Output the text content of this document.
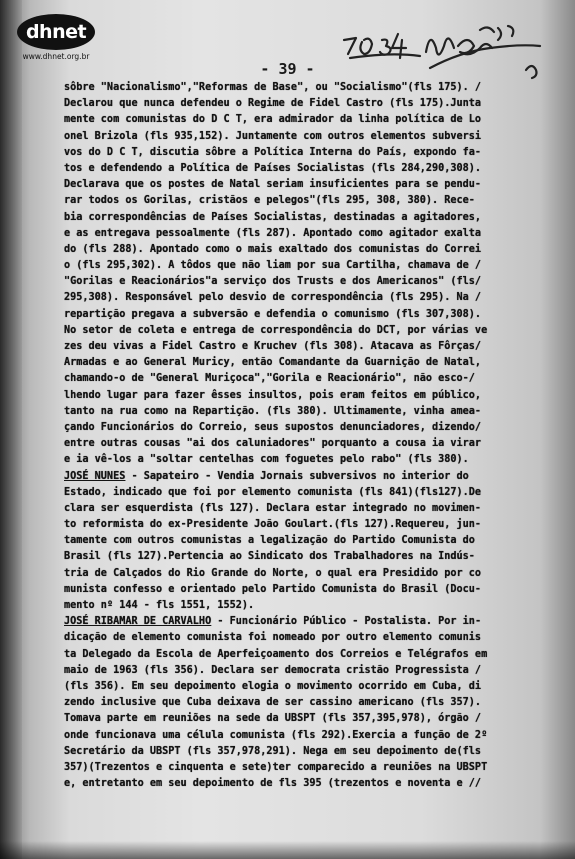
dhnet
www.dhnet.org.br
- 39 -
sôbre "Nacionalismo","Reformas de Base", ou "Socialismo"(fls 175). /
Declarou que nunca defendeu o Regime de Fidel Castro (fls 175).Junta
mente com comunistas do D C T, era admirador da linha política de Lo
onel Brizola (fls 935,152). Juntamente com outros elementos subversi
vos do D C T, discutia sôbre a Política Interna do País, expondo fa-
tos e defendendo a Política de Países Socialistas (fls 284,290,308).
Declarava que os postes de Natal seriam insuficientes para se pendu-
rar todos os Gorilas, cristãos e pelegos"(fls 295, 308, 380). Rece-
bia correspondências de Países Socialistas, destinadas a agitadores,
e as entregava pessoalmente (fls 287). Apontado como agitador exalta
do (fls 288). Apontado como o mais exaltado dos comunistas do Correi
o (fls 295,302). A tôdos que não liam por sua Cartilha, chamava de /
"Gorilas e Reacionários"a serviço dos Trusts e dos Americanos" (fls/
295,308). Responsável pelo desvio de correspondência (fls 295). Na /
repartição pregava a subversão e defendia o comunismo (fls 307,308).
No setor de coleta e entrega de correspondência do DCT, por várias ve
zes deu vivas a Fidel Castro e Kruchev (fls 308). Atacava as Fôrças/
Armadas e ao General Muricy, então Comandante da Guarnição de Natal,
chamando-o de "General Muriçoca","Gorila e Reacionário", não esco-/
lhendo lugar para fazer êsses insultos, pois eram feitos em público,
tanto na rua como na Repartição. (fls 380). Ultimamente, vinha amea-
çando Funcionários do Correio, seus supostos denunciadores, dizendo/
entre outras cousas "ai dos caluniadores" porquanto a cousa ia virar
e ia vê-los a "soltar centelhas com foguetes pelo rabo" (fls 380).
JOSÉ NUNES - Sapateiro - Vendia Jornais subversivos no interior do
Estado, indicado que foi por elemento comunista (fls 841)(fls127).De
clara ser esquerdista (fls 127). Declara estar integrado no movimen-
to reformista do ex-Presidente João Goulart.(fls 127).Requereu, jun-
tamente com outros comunistas a legalização do Partido Comunista do
Brasil (fls 127).Pertencia ao Sindicato dos Trabalhadores na Indús-
tria de Calçados do Rio Grande do Norte, o qual era Presidido por co
munista confesso e orientado pelo Partido Comunista do Brasil (Docu-
mento nº 144 - fls 1551, 1552).
JOSÉ RIBAMAR DE CARVALHO - Funcionário Público - Postalista. Por in-
dicação de elemento comunista foi nomeado por outro elemento comunis
ta Delegado da Escola de Aperfeiçoamento dos Correios e Telégrafos em
maio de 1963 (fls 356). Declara ser democrata cristão Progressista /
(fls 356). Em seu depoimento elogia o movimento ocorrido em Cuba, di
zendo inclusive que Cuba deixava de ser cassino americano (fls 357).
Tomava parte em reuniões na sede da UBSPT (fls 357,395,978), órgão /
onde funcionava uma célula comunista (fls 292).Exercia a função de 2º
Secretário da UBSPT (fls 357,978,291). Nega em seu depoimento de(fls
357)(Trezentos e cinquenta e sete)ter comparecido a reuniões na UBSPT
e, entretanto em seu depoimento de fls 395 (trezentos e noventa e //
